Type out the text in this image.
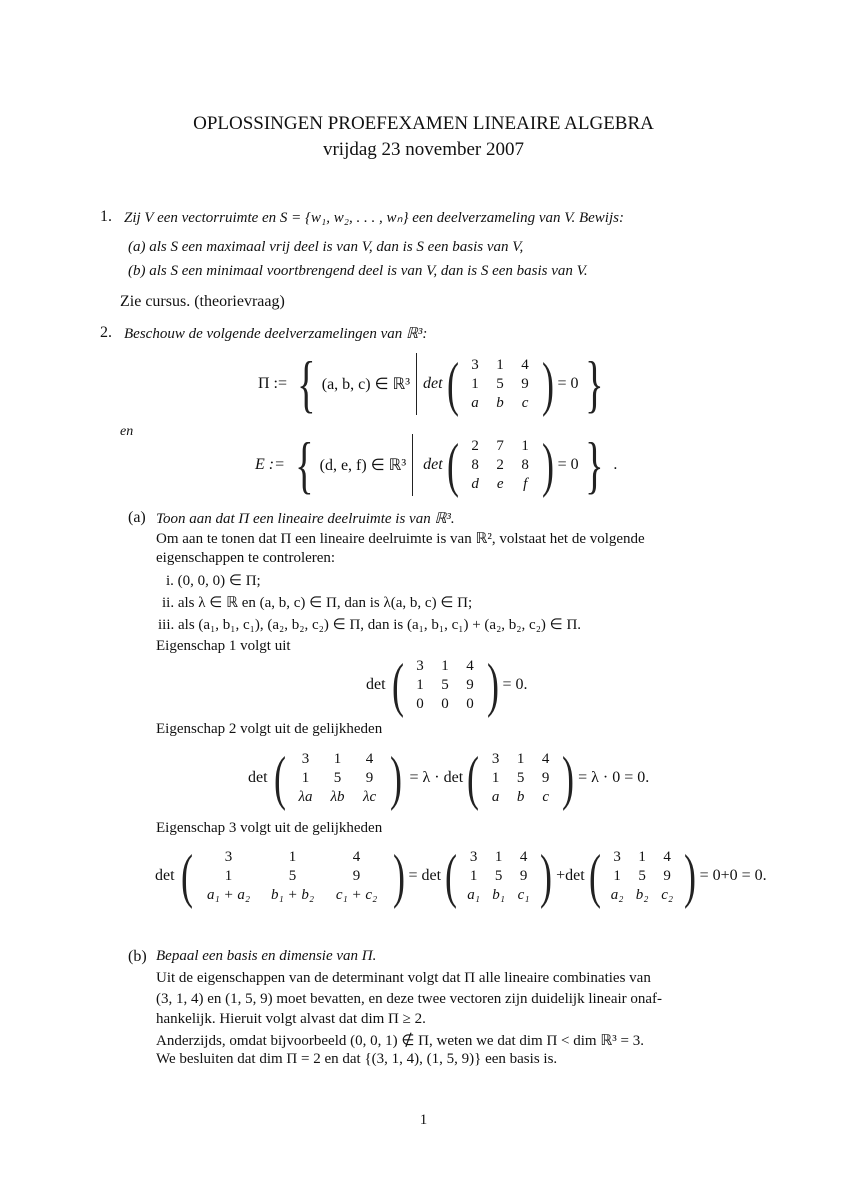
OPLOSSINGEN PROEFEXAMEN LINEAIRE ALGEBRA
vrijdag 23 november 2007
1. Zij V een vectorruimte en S = {w₁, w₂, . . . , wₙ} een deelverzameling van V. Bewijs:
(a) als S een maximaal vrij deel is van V, dan is S een basis van V,
(b) als S een minimaal voortbrengend deel is van V, dan is S een basis van V.
Zie cursus. (theorievraag)
2. Beschouw de volgende deelverzamelingen van ℝ³:
Π := { (a, b, c) ∈ ℝ³ det ( 3	1	4
1	5	9
a	b	c ) = 0 }
en
E := { (d, e, f) ∈ ℝ³ det ( 2	7	1
8	2	8
d	e	f ) = 0 } .
(a) Toon aan dat Π een lineaire deelruimte is van ℝ³.
Om aan te tonen dat Π een lineaire deelruimte is van ℝ², volstaat het de volgende
eigenschappen te controleren:
i. (0, 0, 0) ∈ Π;
ii. als λ ∈ ℝ en (a, b, c) ∈ Π, dan is λ(a, b, c) ∈ Π;
iii. als (a₁, b₁, c₁), (a₂, b₂, c₂) ∈ Π, dan is (a₁, b₁, c₁) + (a₂, b₂, c₂) ∈ Π.
Eigenschap 1 volgt uit
det ( 3	1	4
1	5	9
0	0	0 ) = 0.
Eigenschap 2 volgt uit de gelijkheden
det (	3	1	4
1	5	9
λa	λb	λc ) = λ · det ( 3	1	4
1	5	9
a	b	c ) = λ · 0 = 0.
Eigenschap 3 volgt uit de gelijkheden
det (	3	1	4
1	5	9
a₁ + a₂	b₁ + b₂	c₁ + c₂ ) = det ( 3	1	4
1	5	9
a₁ b₁ c₁ ) +det ( 3	1	4
1	5	9
a₂ b₂ c₂ ) = 0+0 = 0.
(b) Bepaal een basis en dimensie van Π.
Uit de eigenschappen van de determinant volgt dat Π alle lineaire combinaties van
(3, 1, 4) en (1, 5, 9) moet bevatten, en deze twee vectoren zijn duidelijk lineair onaf-
hankelijk. Hieruit volgt alvast dat dim Π ≥ 2.
Anderzijds, omdat bijvoorbeeld (0, 0, 1) ∉ Π, weten we dat dim Π < dim ℝ³ = 3.
We besluiten dat dim Π = 2 en dat {(3, 1, 4), (1, 5, 9)} een basis is.
1
